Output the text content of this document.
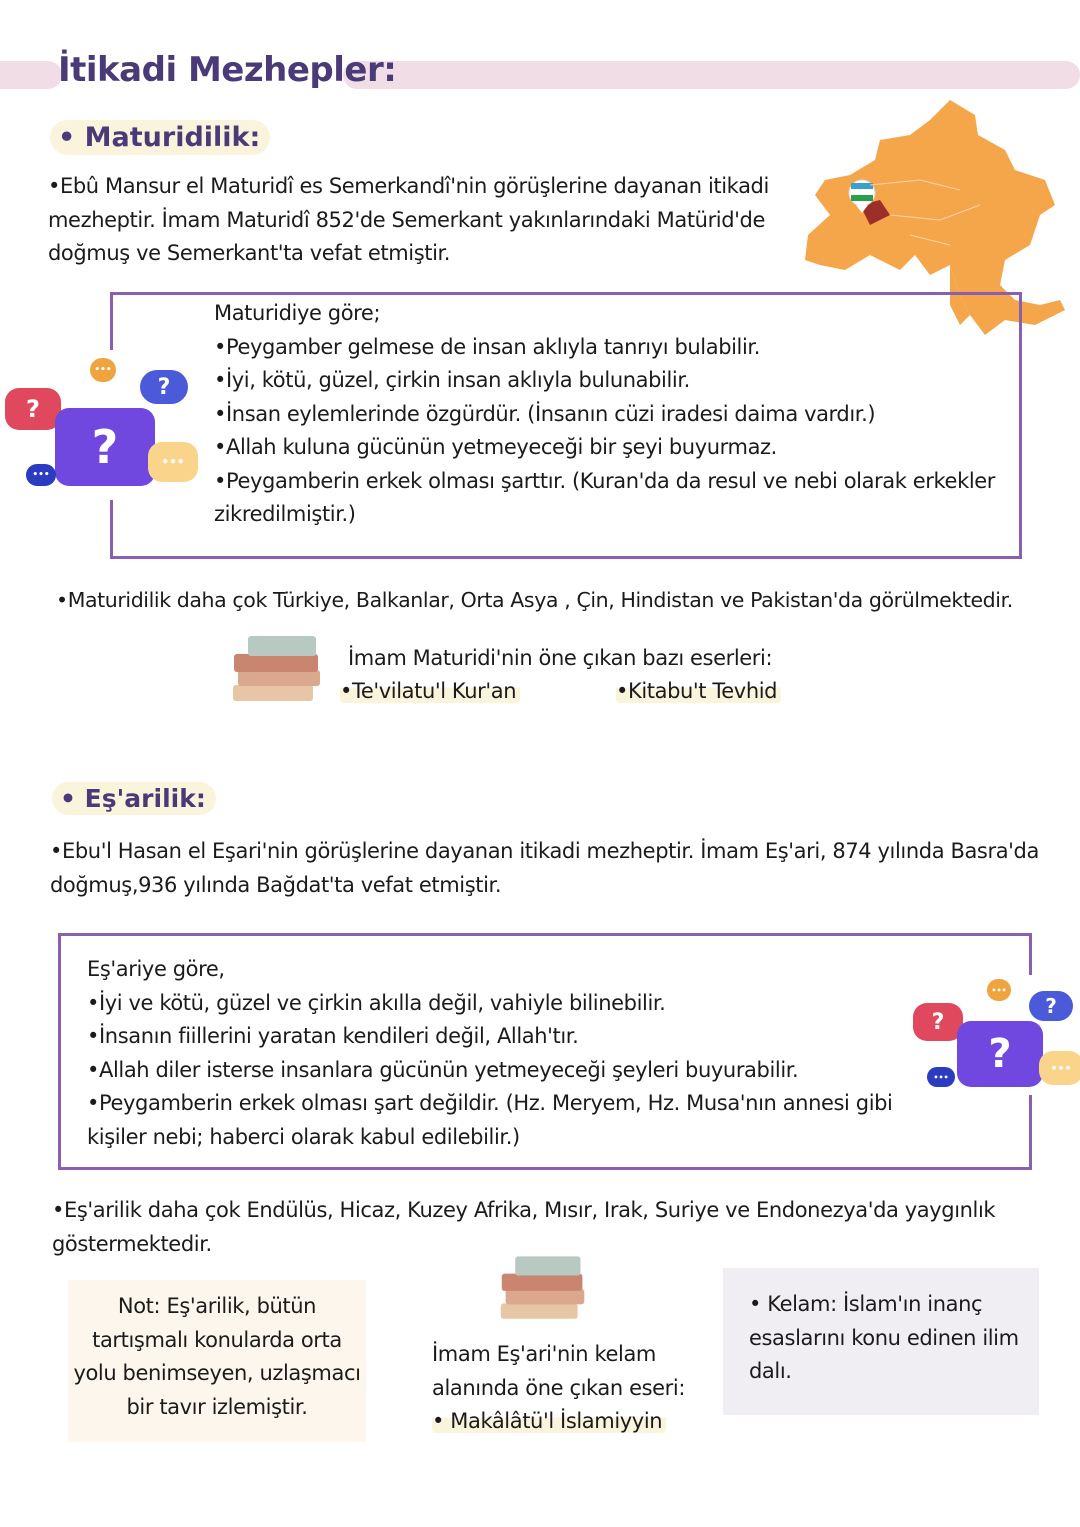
İtikadi Mezhepler:
• Maturidilik:
•Ebû Mansur el Maturidî es Semerkandî'nin görüşlerine dayanan itikadi
mezheptir. İmam Maturidî 852'de Semerkant yakınlarındaki Matürid'de
doğmuş ve Semerkant'ta vefat etmiştir.
•••
?
?
?	•••
•••
Maturidiye göre;
•Peygamber gelmese de insan aklıyla tanrıyı bulabilir.
•İyi, kötü, güzel, çirkin insan aklıyla bulunabilir.
•İnsan eylemlerinde özgürdür. (İnsanın cüzi iradesi daima vardır.)
•Allah kuluna gücünün yetmeyeceği bir şeyi buyurmaz.
•Peygamberin erkek olması şarttır. (Kuran'da da resul ve nebi olarak erkekler
zikredilmiştir.)
•Maturidilik daha çok Türkiye, Balkanlar, Orta Asya , Çin, Hindistan ve Pakistan'da görülmektedir.
İmam Maturidi'nin öne çıkan bazı eserleri:
•Te'vilatu'l Kur'an	•Kitabu't Tevhid
• Eş'arilik:
•Ebu'l Hasan el Eşari'nin görüşlerine dayanan itikadi mezheptir. İmam Eş'ari, 874 yılında Basra'da
doğmuş,936 yılında Bağdat'ta vefat etmiştir.
•••
?
?
?	•••
•••
Eş'ariye göre,
•İyi ve kötü, güzel ve çirkin akılla değil, vahiyle bilinebilir.
•İnsanın fiillerini yaratan kendileri değil, Allah'tır.
•Allah diler isterse insanlara gücünün yetmeyeceği şeyleri buyurabilir.
•Peygamberin erkek olması şart değildir. (Hz. Meryem, Hz. Musa'nın annesi gibi
kişiler nebi; haberci olarak kabul edilebilir.)
•Eş'arilik daha çok Endülüs, Hicaz, Kuzey Afrika, Mısır, Irak, Suriye ve Endonezya'da yaygınlık
göstermektedir.
Not: Eş'arilik, bütün
tartışmalı konularda orta
yolu benimseyen, uzlaşmacı
bir tavır izlemiştir.
İmam Eş'ari'nin kelam
alanında öne çıkan eseri:
• Makâlâtü'l İslamiyyin
• Kelam: İslam'ın inanç
esaslarını konu edinen ilim
dalı.
